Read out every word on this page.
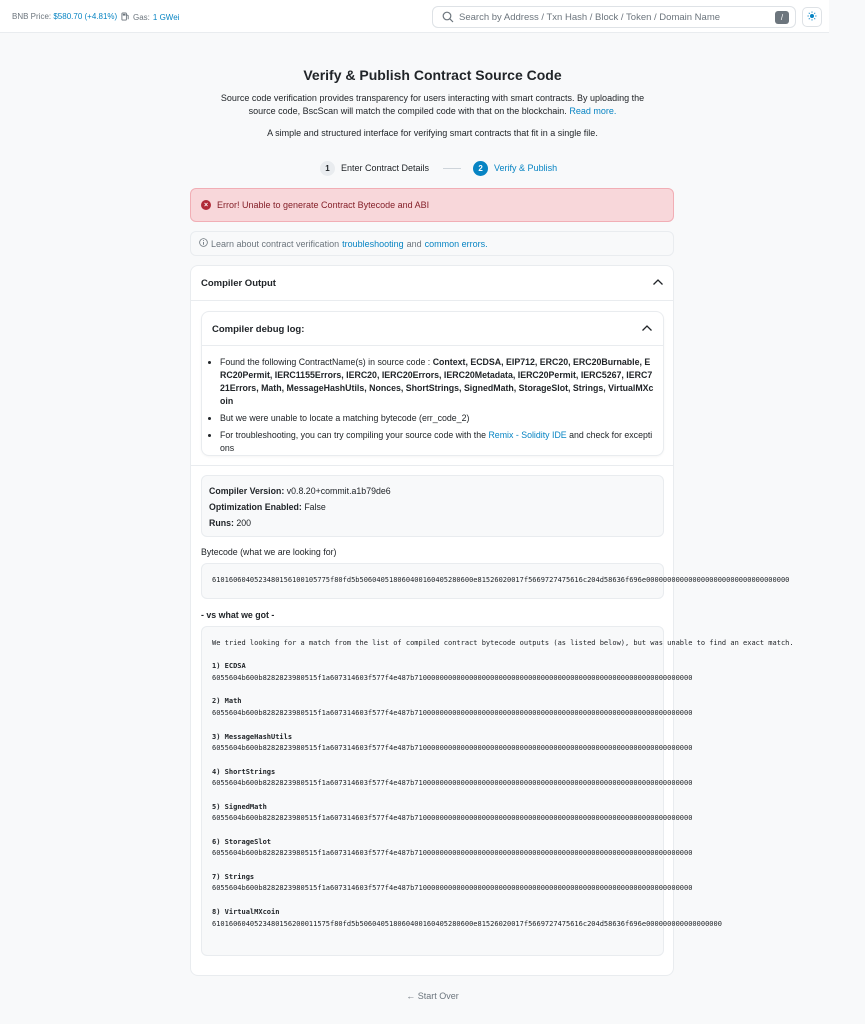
BNB Price: $580.70 (+4.81%) Gas: 1 GWei
Search by Address / Txn Hash / Block / Token / Domain Name	/
Verify & Publish Contract Source Code
Source code verification provides transparency for users interacting with smart contracts. By uploading the source code, BscScan will match the compiled code with that on the blockchain. Read more.
A simple and structured interface for verifying smart contracts that fit in a single file.
1	Enter Contract Details	2	Verify & Publish
× Error! Unable to generate Contract Bytecode and ABI
Learn about contract verification troubleshooting and common errors.
Compiler Output
Compiler debug log:
• Found the following ContractName(s) in source code : Context, ECDSA, EIP712, ERC20, ERC20Burnable, ERC20Permit, IERC1155Errors, IERC20, IERC20Errors, IERC20Metadata, IERC20Permit, IERC5267, IERC721Errors, Math, MessageHashUtils, Nonces, ShortStrings, SignedMath, StorageSlot, Strings, VirtualMXcoin
• But we were unable to locate a matching bytecode (err_code_2)
• For troubleshooting, you can try compiling your source code with the Remix - Solidity IDE and check for exceptions
Compiler Version: v0.8.20+commit.a1b79de6
Optimization Enabled: False
Runs: 200
Bytecode (what we are looking for)
6101606040523480156100105775f80fd5b506040518060400160405280600e81526020017f5669727475616c204d58636f696e0000000000000000000000000000000000
- vs what we got -
We tried looking for a match from the list of compiled contract bytecode outputs (as listed below), but was unable to find an exact match.
1) ECDSA
6055604b600b8282823980515f1a607314603f577f4e487b710000000000000000000000000000000000000000000000000000000000000000
2) Math
6055604b600b8282823980515f1a607314603f577f4e487b710000000000000000000000000000000000000000000000000000000000000000
3) MessageHashUtils
6055604b600b8282823980515f1a607314603f577f4e487b710000000000000000000000000000000000000000000000000000000000000000
4) ShortStrings
6055604b600b8282823980515f1a607314603f577f4e487b710000000000000000000000000000000000000000000000000000000000000000
5) SignedMath
6055604b600b8282823980515f1a607314603f577f4e487b710000000000000000000000000000000000000000000000000000000000000000
6) StorageSlot
6055604b600b8282823980515f1a607314603f577f4e487b710000000000000000000000000000000000000000000000000000000000000000
7) Strings
6055604b600b8282823980515f1a607314603f577f4e487b710000000000000000000000000000000000000000000000000000000000000000
8) VirtualMXcoin
6101606040523480156200011575f80fd5b506040518060400160405280600e81526020017f5669727475616c204d58636f696e000000000000000000
← Start Over
